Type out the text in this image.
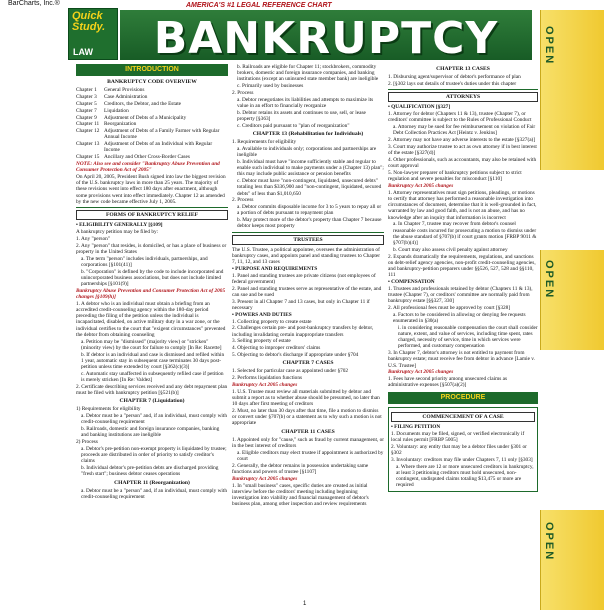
BarCharts, Inc.®	AMERICA'S #1 LEGAL REFERENCE CHART
Quick Study.
LAW	BANKRUPTCY	OPEN
OPEN
OPEN
INTRODUCTION
BANKRUPTCY CODE OVERVIEW
Chapter 1	General Provisions
Chapter 3	Case Administration
Chapter 5	Creditors, the Debtor, and the Estate
Chapter 7	Liquidation
Chapter 9	Adjustment of Debts of a Municipality
Chapter 11 Reorganization
Chapter 12 Adjustment of Debts of a Family Farmer with Regular Annual Income
Chapter 13 Adjustment of Debts of an Individual with Regular Income
Chapter 15 Ancillary and Other Cross-Border Cases
NOTE: Also see and consider "Bankruptcy Abuse Prevention and Consumer Protection Act of 2005"
On April 20, 2005, President Bush signed into law the biggest revision of the U.S. bankruptcy laws in more than 25 years. The majority of these revisions went into effect 180 days after enactment, although some provisions went into effect immediately. Chapter 12 as amended by the new code became effective July 1, 2005.
FORMS OF BANKRUPTCY RELIEF
• ELIGIBILITY GENERALLY [§109]
A bankruptcy petition may be filed by:
1. Any "person"
2. Any "person" that resides, is domiciled, or has a place of business or property in the United States
a. The term "person" includes individuals, partnerships, and corporations [§101(41)]
b. "Corporation" is defined by the code to include incorporated and unincorporated business associations, but does not include limited partnerships [§101(9)]
Bankruptcy Abuse Prevention and Consumer Protection Act of 2005 changes [§109(h)]
1. A debtor who is an individual must obtain a briefing from an accredited credit-counseling agency within the 180-day period preceding the filing of the petition unless the individual is incapacitated, disabled, on active military duty in a war zone, or the individual certifies to the court that "exigent circumstances" prevented the debtor from obtaining counseling
a. Petition may be "dismissed" (majority view) or "stricken" (minority view) by the court for failure to comply [In Re: Racette]
b. If debtor is an individual and case is dismissed and refiled within 1 year, automatic stay in subsequent case terminates 30 days post-petition unless time extended by court [§362(c)(3)]
c. Automatic stay unaffected in subsequently refiled case if petition is merely stricken [In Re: Valdez]
2. Certificate describing services received and any debt repayment plan must be filed with bankruptcy petition [§521(b)]
CHAPTER 7 (Liquidation)
1) Requirements for eligibility
a. Debtor must be a "person" and, if an individual, must comply with credit-counseling requirement
b. Railroads, domestic and foreign insurance companies, banking and banking institutions are ineligible
2) Process
a. Debtor's pre-petition non-exempt property is liquidated by trustee; proceeds are distributed in order of priority to satisfy creditor's claims
b. Individual debtor's pre-petition debts are discharged providing "fresh start"; business debtor ceases operations
CHAPTER 11 (Reorganization)
a. Debtor must be a "person" and, if an individual, must comply with credit-counseling requirement
b. Railroads are eligible for Chapter 11; stockbrokers, commodity brokers, domestic and foreign insurance companies, and banking institutions (except an uninsured state member bank) are ineligible
c. Primarily used by businesses
2. Process
a. Debtor renegotiates its liabilities and attempts to maximize its value in an effort to financially reorganize
b. Debtor retains its assets and continues to use, sell, or lease property [§363]
c. Creditors paid pursuant to "plan of reorganization"
CHAPTER 13 (Rehabilitation for Individuals)
1. Requirements for eligibility
a. Available to individuals only; corporations and partnerships are ineligible
b. Individual must have "income sufficiently stable and regular to enable such individual to make payments under a (Chapter 13) plan"; this may include public assistance or pension benefits
c. Debtor must have "non-contingent, liquidated, unsecured debts" totaling less than $336,900 and "non-contingent, liquidated, secured debts" of less than $1,010,650
2. Process
a. Debtor commits disposable income for 3 to 5 years to repay all or a portion of debts pursuant to repayment plan
b. May protect more of the debtor's property than Chapter 7 because debtor keeps most property
TRUSTEES
The U.S. Trustee, a political appointee, oversees the administration of bankruptcy cases, and appoints panel and standing trustees to Chapter 7, 11, 12, and 13 cases
• PURPOSE AND REQUIREMENTS
1. Panel and standing trustees are private citizens (not employees of federal government)
2. Panel and standing trustees serve as representative of the estate, and can sue and be sued
3. Present in all Chapter 7 and 13 cases, but only in Chapter 11 if necessary
• POWERS AND DUTIES
1. Collecting property to create estate
2. Challenges certain pre- and post-bankruptcy transfers by debtor, including invalidating certain inappropriate transfers
3. Selling property of estate
4. Objecting to improper creditors' claims
5. Objecting to debtor's discharge if appropriate under §704
CHAPTER 7 CASES
1. Selected for particular case as appointed under §702
2. Performs liquidation functions
Bankruptcy Act 2005 changes
1. U.S. Trustee must review all materials submitted by debtor and submit a report as to whether abuse should be presumed, no later than 10 days after first meeting of creditors
2. Must, no later than 30 days after that time, file a motion to dismiss or convert under §707(b) or a statement as to why such a motion is not appropriate
CHAPTER 11 CASES
1. Appointed only for "cause," such as fraud by current management, or in the best interest of creditors
a. Eligible creditors may elect trustee if appointment is authorized by court
2. Generally, the debtor remains in possession undertaking same functions and powers of trustee [§1107]
Bankruptcy Act 2005 changes
1. In "small business" cases, specific duties are created as initial interview before the creditors' meeting including beginning investigation into viability and financial management of debtor's business plan, among other inspection and review requirements
CHAPTER 13 CASES
1. Disbursing agent/supervisor of debtor's performance of plan
2. [§302 lays out details of trustee's duties under this chapter
ATTORNEYS
• QUALIFICATION [§327]
1. Attorney for debtor (Chapters 11 & 13), trustee (Chapter 7), or creditors' committee is subject to the Rules of Professional Conduct
a. Attorney may be sued for fee reimbursement on violation of Fair Debt Collection Practices Act [Heintz v. Jenkins]
2. Attorney may not have any adverse interests to the estate [§327(a)]
3. Court may authorize trustee to act as own attorney if in best interest of the estate [§327(d)]
4. Other professionals, such as accountants, may also be retained with court approval
5. Non-lawyer preparer of bankruptcy petitions subject to strict regulation and severe penalties for misconduct [§110]
Bankruptcy Act 2005 changes
1. Attorney representatives must sign petitions, pleadings, or motions to certify that attorney has performed a reasonable investigation into circumstances of document, determine that it is well-grounded in fact, warranted by law and good faith, and is not an abuse, and has no knowledge after an inquiry that information is incorrect
a. In Chapter 7, trustee may recover from debtor's counsel reasonable costs incurred for prosecuting a motion to dismiss under the abuse standard of §707(b) if court grants motion [FRBP 9011 & §707(b)(4)]
b. Court may also assess civil penalty against attorney
2. Expands dramatically the requirements, regulations, and sanctions on debt-relief agency agencies, non-profit credit-counseling agencies, and bankruptcy-petition preparers under §§526, 527, 528 and §§110, 111
• COMPENSATION
1. Trustees and professionals retained by debtor (Chapters 11 & 13), trustee (Chapter 7), or creditors' committee are normally paid from bankruptcy estate [§§327, 330]
2. All professional fees must be approved by court [§328]
a. Factors to be considered in allowing or denying fee requests enumerated in §30(a)
i. in considering reasonable compensation the court shall consider nature, extent, and value of services, including time spent, rates charged, necessity of service, time in which services were performed, and customary compensation
3. In Chapter 7, debtor's attorney is not entitled to payment from bankruptcy estate; must receive fee from debtor in advance [Lamie v. U.S. Trustee]
Bankruptcy Act 2005 changes
1. Fees have second priority among unsecured claims as administrative expenses [§507(a)(2)]
PROCEDURE
COMMENCEMENT OF A CASE
• FILING PETITION
1. Documents may be filed, signed, or verified electronically if local rules permit [FRBP 5005]
2. Voluntary: any entity that may be a debtor files under §301 or §302
3. Involuntary: creditors may file under Chapters 7, 11 only [§303]
a. Where there are 12 or more unsecured creditors in bankruptcy, at least 3 petitioning creditors must hold unsecured, non-contingent, undisputed claims totaling $13,475 or more are required
1
